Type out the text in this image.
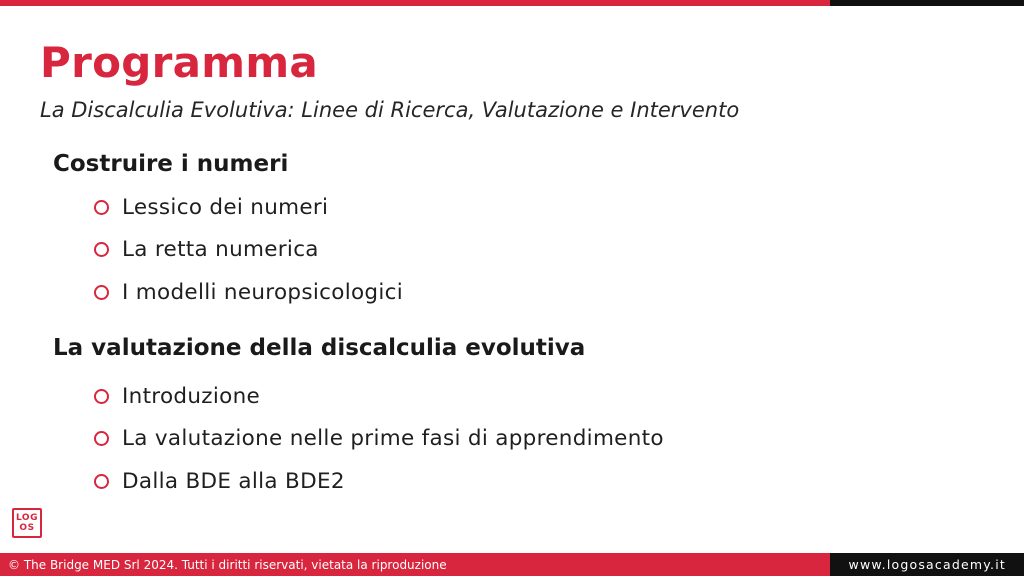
Programma
La Discalculia Evolutiva: Linee di Ricerca, Valutazione e Intervento
Costruire i numeri
Lessico dei numeri
La retta numerica
I modelli neuropsicologici
La valutazione della discalculia evolutiva
Introduzione
La valutazione nelle prime fasi di apprendimento
Dalla BDE alla BDE2
LOG
OS
© The Bridge MED Srl 2024. Tutti i diritti riservati, vietata la riproduzione	www.logosacademy.it
